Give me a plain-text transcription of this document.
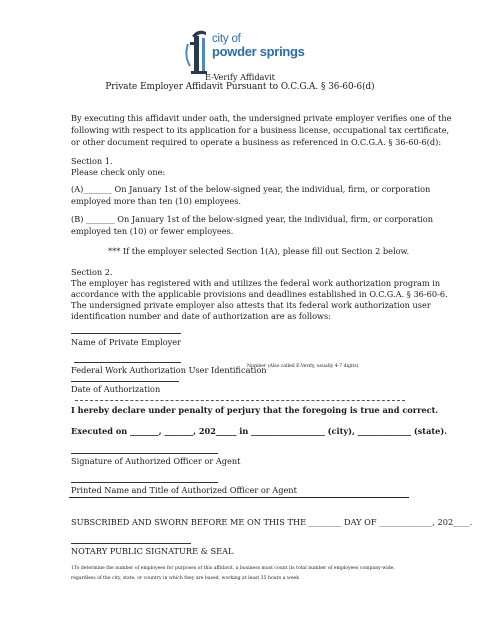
city of
powder springs
E-Verify Affidavit
Private Employer Affidavit Pursuant to O.C.G.A. § 36-60-6(d)
By executing this affidavit under oath, the undersigned private employer verifies one of the
following with respect to its application for a business license, occupational tax certificate,
or other document required to operate a business as referenced in O.C.G.A. § 36-60-6(d):
Section 1.
Please check only one:
(A)_______ On January 1st of the below-signed year, the individual, firm, or corporation
employed more than ten (10) employees.
(B) _______ On January 1st of the below-signed year, the individual, firm, or corporation
employed ten (10) or fewer employees.
*** If the employer selected Section 1(A), please fill out Section 2 below.
Section 2.
The employer has registered with and utilizes the federal work authorization program in
accordance with the applicable provisions and deadlines established in O.C.G.A. § 36-60-6.
The undersigned private employer also attests that its federal work authorization user
identification number and date of authorization are as follows:
Name of Private Employer
Federal Work Authorization User Identification
Number (Also called E-Verify, usually 4-7 digits)
Date of Authorization
I hereby declare under penalty of perjury that the foregoing is true and correct.
Executed on _______, _______, 202_____ in __________________ (city), _____________ (state).
Signature of Authorized Officer or Agent
Printed Name and Title of Authorized Officer or Agent
SUBSCRIBED AND SWORN BEFORE ME ON THIS THE ________ DAY OF _____________, 202____.
NOTARY PUBLIC SIGNATURE & SEAL
1To determine the number of employees for purposes of this affidavit, a business must count its total number of employees company-wide,
regardless of the city, state, or country in which they are based, working at least 35 hours a week
